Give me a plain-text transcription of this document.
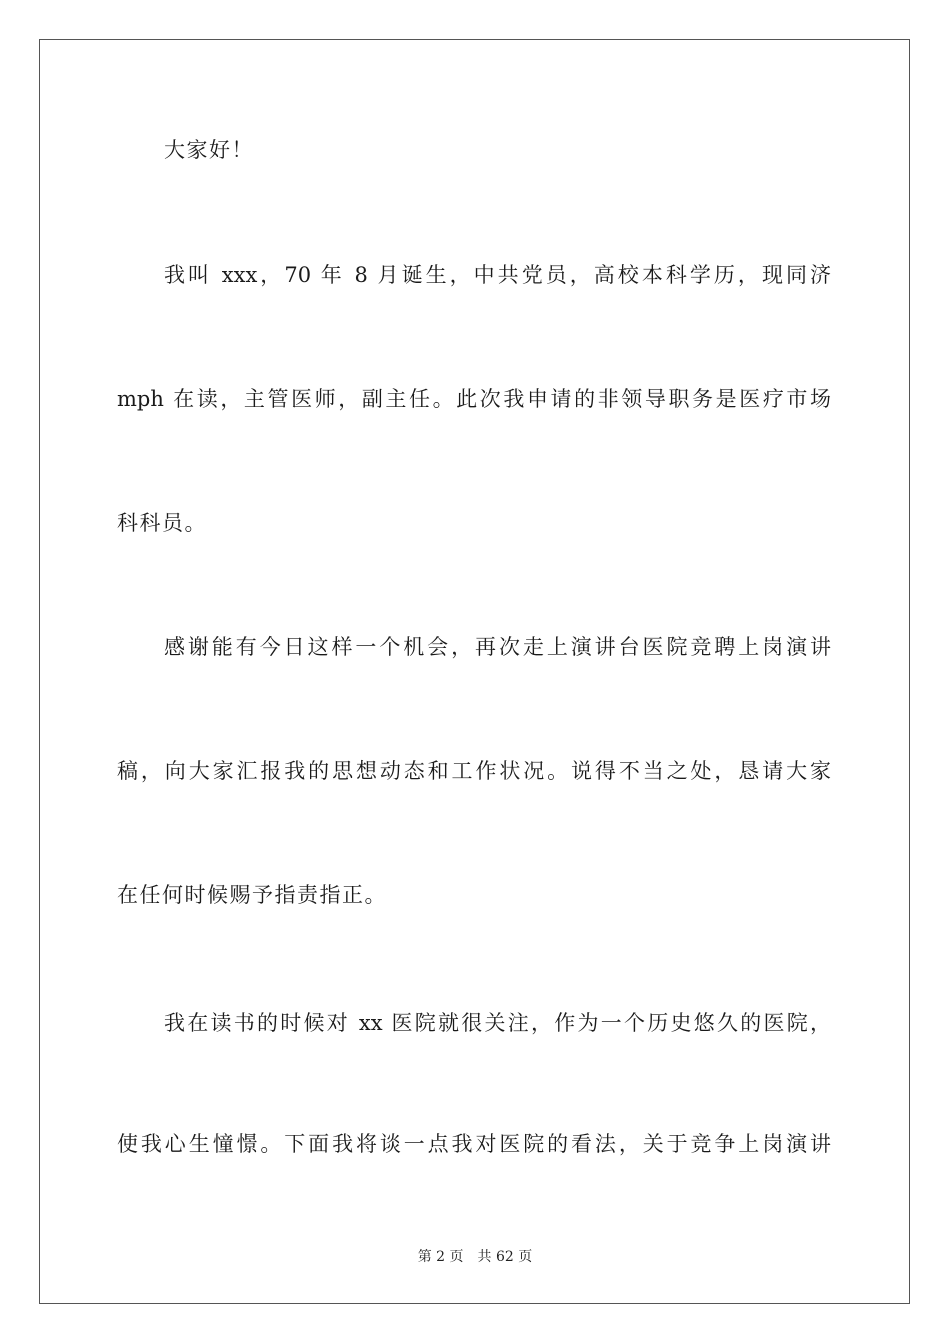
大家好！
我叫 xxx，70 年 8 月诞生，中共党员，高校本科学历，现同济
mph 在读，主管医师，副主任。此次我申请的非领导职务是医疗市场
科科员。
感谢能有今日这样一个机会，再次走上演讲台医院竞聘上岗演讲
稿，向大家汇报我的思想动态和工作状况。说得不当之处，恳请大家
在任何时候赐予指责指正。
我在读书的时候对 xx 医院就很关注，作为一个历史悠久的医院，
使我心生憧憬。下面我将谈一点我对医院的看法，关于竞争上岗演讲
第 2 页 共 62 页
